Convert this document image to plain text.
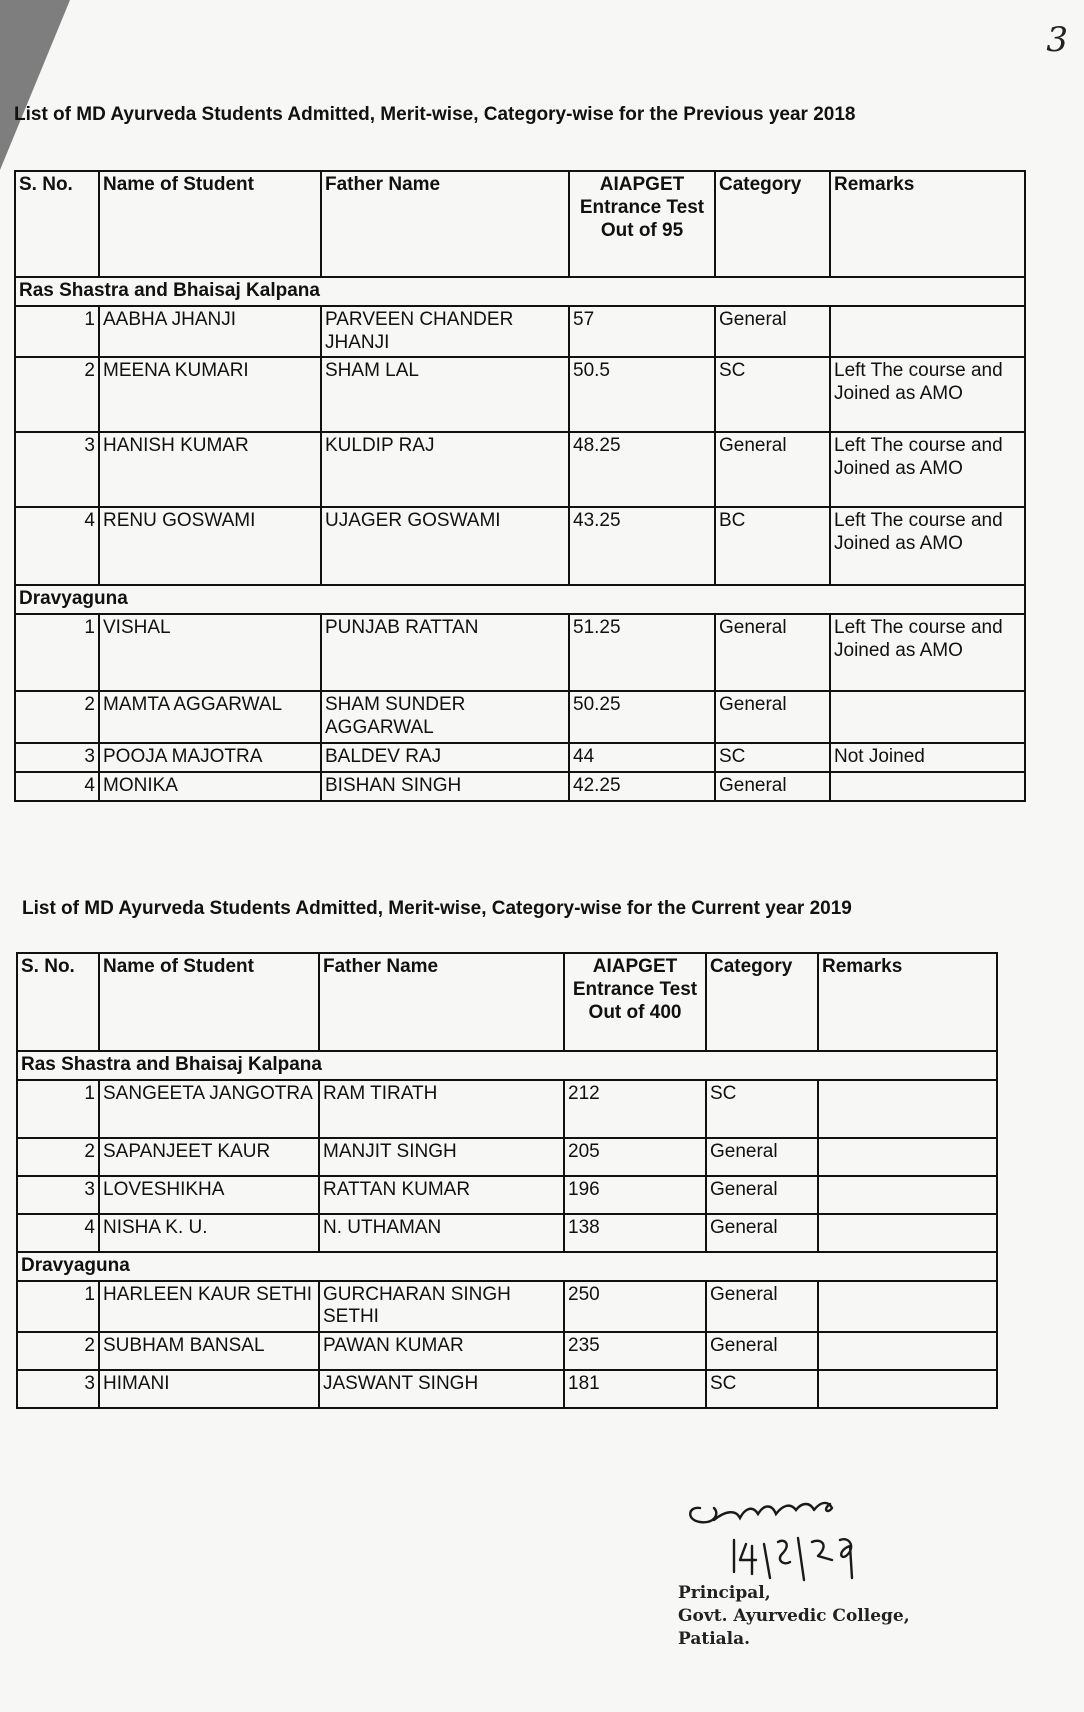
3
List of MD Ayurveda Students Admitted, Merit-wise, Category-wise for the Previous year 2018
S. No.	Name of Student	Father Name	AIAPGET Entrance Test Out of 95	Category	Remarks
Ras Shastra and Bhaisaj Kalpana					
1	AABHA JHANJI	PARVEEN CHANDER JHANJI	57	General	
2	MEENA KUMARI	SHAM LAL	50.5	SC	Left The course and Joined as AMO
3	HANISH KUMAR	KULDIP RAJ	48.25	General	Left The course and Joined as AMO
4	RENU GOSWAMI	UJAGER GOSWAMI	43.25	BC	Left The course and Joined as AMO
Dravyaguna					
1	VISHAL	PUNJAB RATTAN	51.25	General	Left The course and Joined as AMO
2	MAMTA AGGARWAL	SHAM SUNDER AGGARWAL	50.25	General	
3	POOJA MAJOTRA	BALDEV RAJ	44	SC	Not Joined
4	MONIKA	BISHAN SINGH	42.25	General	
List of MD Ayurveda Students Admitted, Merit-wise, Category-wise for the Current year 2019
S. No.	Name of Student	Father Name	AIAPGET Entrance Test Out of 400	Category	Remarks
Ras Shastra and Bhaisaj Kalpana					
1	SANGEETA JANGOTRA	RAM TIRATH	212	SC	
2	SAPANJEET KAUR	MANJIT SINGH	205	General	
3	LOVESHIKHA	RATTAN KUMAR	196	General	
4	NISHA K. U.	N. UTHAMAN	138	General	
Dravyaguna					
1	HARLEEN KAUR SETHI	GURCHARAN SINGH SETHI	250	General	
2	SUBHAM BANSAL	PAWAN KUMAR	235	General	
3	HIMANI	JASWANT SINGH	181	SC	
Principal,
Govt. Ayurvedic College,
Patiala.
